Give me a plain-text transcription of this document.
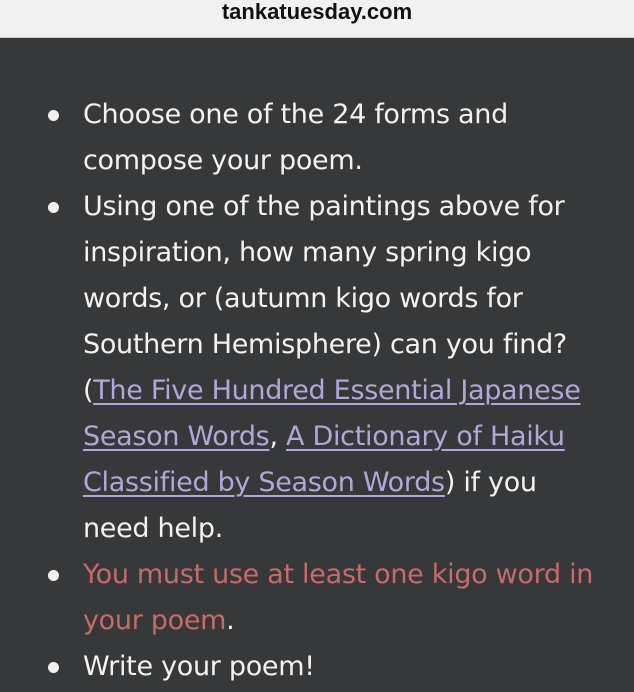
tankatuesday.com
Choose one of the 24 forms and compose your poem.
Using one of the paintings above for inspiration, how many spring kigo words, or (autumn kigo words for Southern Hemisphere) can you find? (The Five Hundred Essential Japanese Season Words, A Dictionary of Haiku Classified by Season Words) if you need help.
You must use at least one kigo word in your poem.
Write your poem!
